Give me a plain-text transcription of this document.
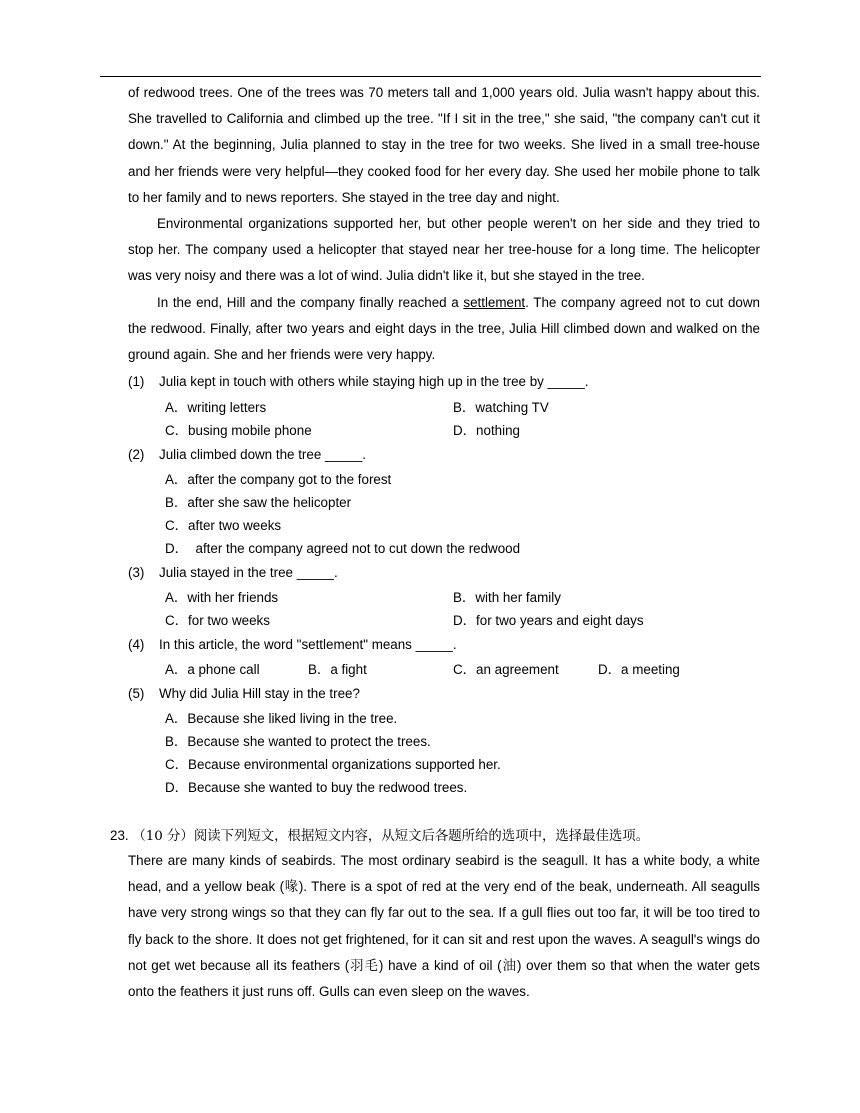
of redwood trees. One of the trees was 70 meters tall and 1,000 years old. Julia wasn't happy about this. She travelled to California and climbed up the tree. "If I sit in the tree," she said, "the company can't cut it down." At the beginning, Julia planned to stay in the tree for two weeks. She lived in a small tree-house and her friends were very helpful—they cooked food for her every day. She used her mobile phone to talk to her family and to news reporters. She stayed in the tree day and night.

Environmental organizations supported her, but other people weren't on her side and they tried to stop her. The company used a helicopter that stayed near her tree-house for a long time. The helicopter was very noisy and there was a lot of wind. Julia didn't like it, but she stayed in the tree.

In the end, Hill and the company finally reached a settlement. The company agreed not to cut down the redwood. Finally, after two years and eight days in the tree, Julia Hill climbed down and walked on the ground again. She and her friends were very happy.

(1) Julia kept in touch with others while staying high up in the tree by _____.
A．writing letters	B．watching TV
C．busing mobile phone	D．nothing
(2) Julia climbed down the tree _____.
A．after the company got to the forest
B．after she saw the helicopter
C．after two weeks
D．  after the company agreed not to cut down the redwood
(3) Julia stayed in the tree _____.
A．with her friends	B．with her family
C．for two weeks	D．for two years and eight days
(4) In this article, the word "settlement" means _____.
A．a phone call	B．a fight	C．an agreement	D．a meeting
(5) Why did Julia Hill stay in the tree?
A．Because she liked living in the tree.
B．Because she wanted to protect the trees.
C．Because environmental organizations supported her.
D．Because she wanted to buy the redwood trees.
23. （10 分）阅读下列短文，根据短文内容，从短文后各题所给的选项中，选择最佳选项。

There are many kinds of seabirds. The most ordinary seabird is the seagull. It has a white body, a white head, and a yellow beak (喙). There is a spot of red at the very end of the beak, underneath. All seagulls have very strong wings so that they can fly far out to the sea. If a gull flies out too far, it will be too tired to fly back to the shore. It does not get frightened, for it can sit and rest upon the waves. A seagull's wings do not get wet because all its feathers (羽毛) have a kind of oil (油) over them so that when the water gets onto the feathers it just runs off. Gulls can even sleep on the waves.
